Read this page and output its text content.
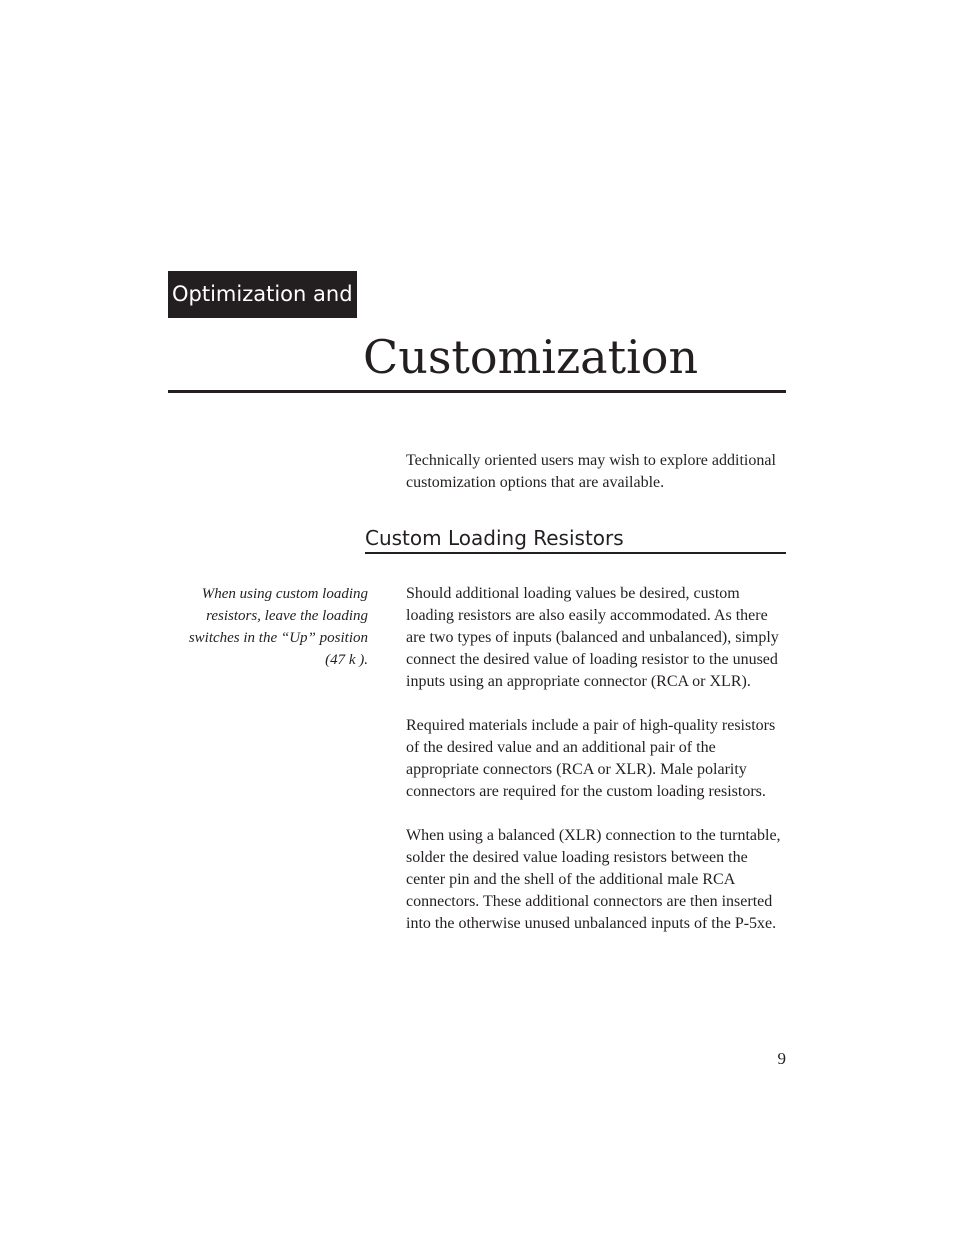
Optimization and
Customization

Technically oriented users may wish to explore additional customization options that are available.

Custom Loading Resistors

When using custom loading resistors, leave the loading switches in the “Up” position (47 k ).

Should additional loading values be desired, custom loading resistors are also easily accommodated. As there are two types of inputs (balanced and unbalanced), simply connect the desired value of loading resistor to the unused inputs using an appropriate connector (RCA or XLR).

Required materials include a pair of high-quality resistors of the desired value and an additional pair of the appropriate connectors (RCA or XLR). Male polarity connectors are required for the custom loading resistors.

When using a balanced (XLR) connection to the turntable, solder the desired value loading resistors between the center pin and the shell of the additional male RCA connectors. These additional connectors are then inserted into the otherwise unused unbalanced inputs of the P-5xe.

9
